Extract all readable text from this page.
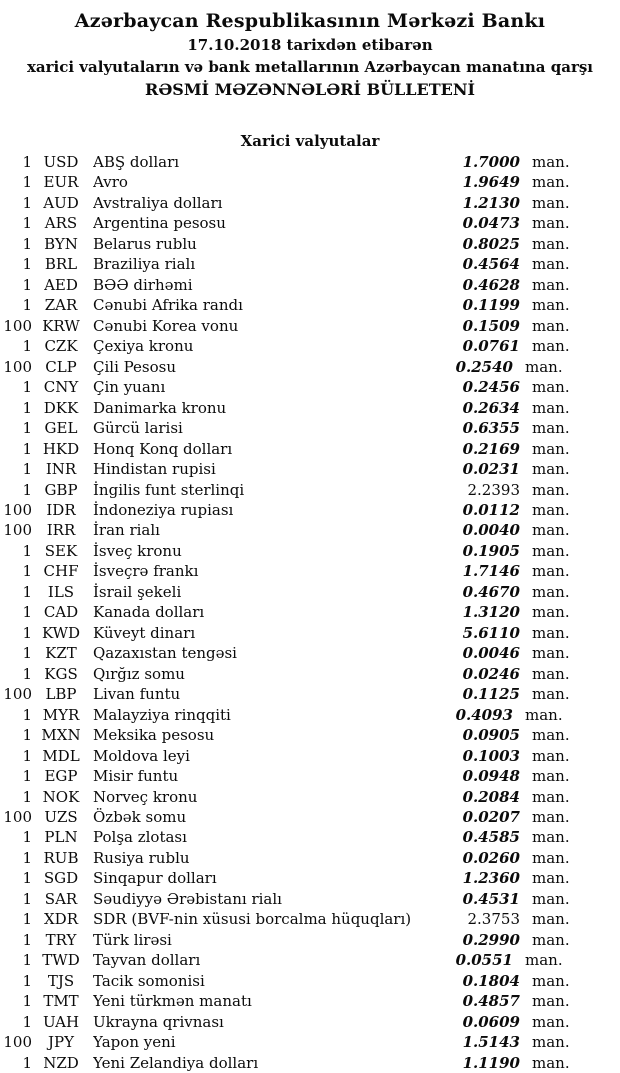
Azərbaycan Respublikasının Mərkəzi Bankı
17.10.2018 tarixdən etibarən
xarici valyutaların və bank metallarının Azərbaycan manatına qarşı
RƏSMİ MƏZƏNNƏLƏRİ BÜLLETENİ
Xarici valyutalar
1 USD ABŞ dolları	1.7000 man.
1 EUR Avro	1.9649 man.
1 AUD Avstraliya dolları	1.2130 man.
1 ARS	Argentina pesosu	0.0473 man.
1 BYN	Belarus rublu	0.8025 man.
1 BRL	Braziliya rialı	0.4564 man.
1 AED	BƏƏ dirhəmi	0.4628 man.
1 ZAR	Cənubi Afrika randı	0.1199 man.
100 KRW Cənubi Korea vonu	0.1509 man.
1 CZK	Çexiya kronu	0.0761 man.
100 CLP	Çili Pesosu	0.2540 man.
1 CNY Çin yuanı	0.2456 man.
1 DKK Danimarka kronu	0.2634 man.
1 GEL	Gürcü larisi	0.6355 man.
1 HKD Honq Konq dolları	0.2169 man.
1 INR	Hindistan rupisi	0.0231 man.
1 GBP	İngilis funt sterlinqi	2.2393 man.
100 IDR	İndoneziya rupiası	0.0112 man.
100 IRR	İran rialı	0.0040 man.
1 SEK	İsveç kronu	0.1905 man.
1 CHF İsveçrə frankı	1.7146 man.
1	ILS	İsrail şekeli	0.4670 man.
1 CAD Kanada dolları	1.3120 man.
1 KWD Küveyt dinarı	5.6110 man.
1 KZT	Qazaxıstan tengəsi	0.0046 man.
1 KGS	Qırğız somu	0.0246 man.
100 LBP	Livan funtu	0.1125 man.
1 MYR Malayziya rinqqiti	0.4093 man.
1 MXN Meksika pesosu	0.0905 man.
1 MDL Moldova leyi	0.1003 man.
1 EGP	Misir funtu	0.0948 man.
1 NOK Norveç kronu	0.2084 man.
100 UZS	Özbək somu	0.0207 man.
1 PLN	Polşa zlotası	0.4585 man.
1 RUB Rusiya rublu	0.0260 man.
1 SGD Sinqapur dolları	1.2360 man.
1 SAR	Səudiyyə Ərəbistanı rialı	0.4531 man.
1 XDR	SDR (BVF-nin xüsusi borcalma hüquqları)	2.3753 man.
1 TRY	Türk lirəsi	0.2990 man.
1 TWD Tayvan dolları	0.0551 man.
1	TJS	Tacik somonisi	0.1804 man.
1 TMT Yeni türkmən manatı	0.4857 man.
1 UAH Ukrayna qrivnası	0.0609 man.
100	JPY	Yapon yeni	1.5143 man.
1 NZD Yeni Zelandiya dolları	1.1190 man.
